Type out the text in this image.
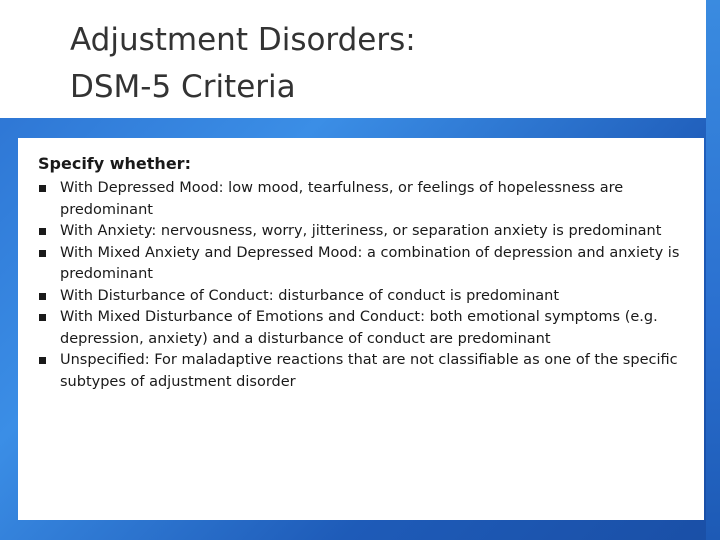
Adjustment Disorders:
DSM-5 Criteria
Specify whether:
With Depressed Mood: low mood, tearfulness, or feelings of hopelessness are predominant
With Anxiety: nervousness, worry, jitteriness, or separation anxiety is predominant
With Mixed Anxiety and Depressed Mood: a combination of depression and anxiety is predominant
With Disturbance of Conduct: disturbance of conduct is predominant
With Mixed Disturbance of Emotions and Conduct: both emotional symptoms (e.g. depression, anxiety) and a disturbance of conduct are predominant
Unspecified: For maladaptive reactions that are not classifiable as one of the specific subtypes of adjustment disorder
